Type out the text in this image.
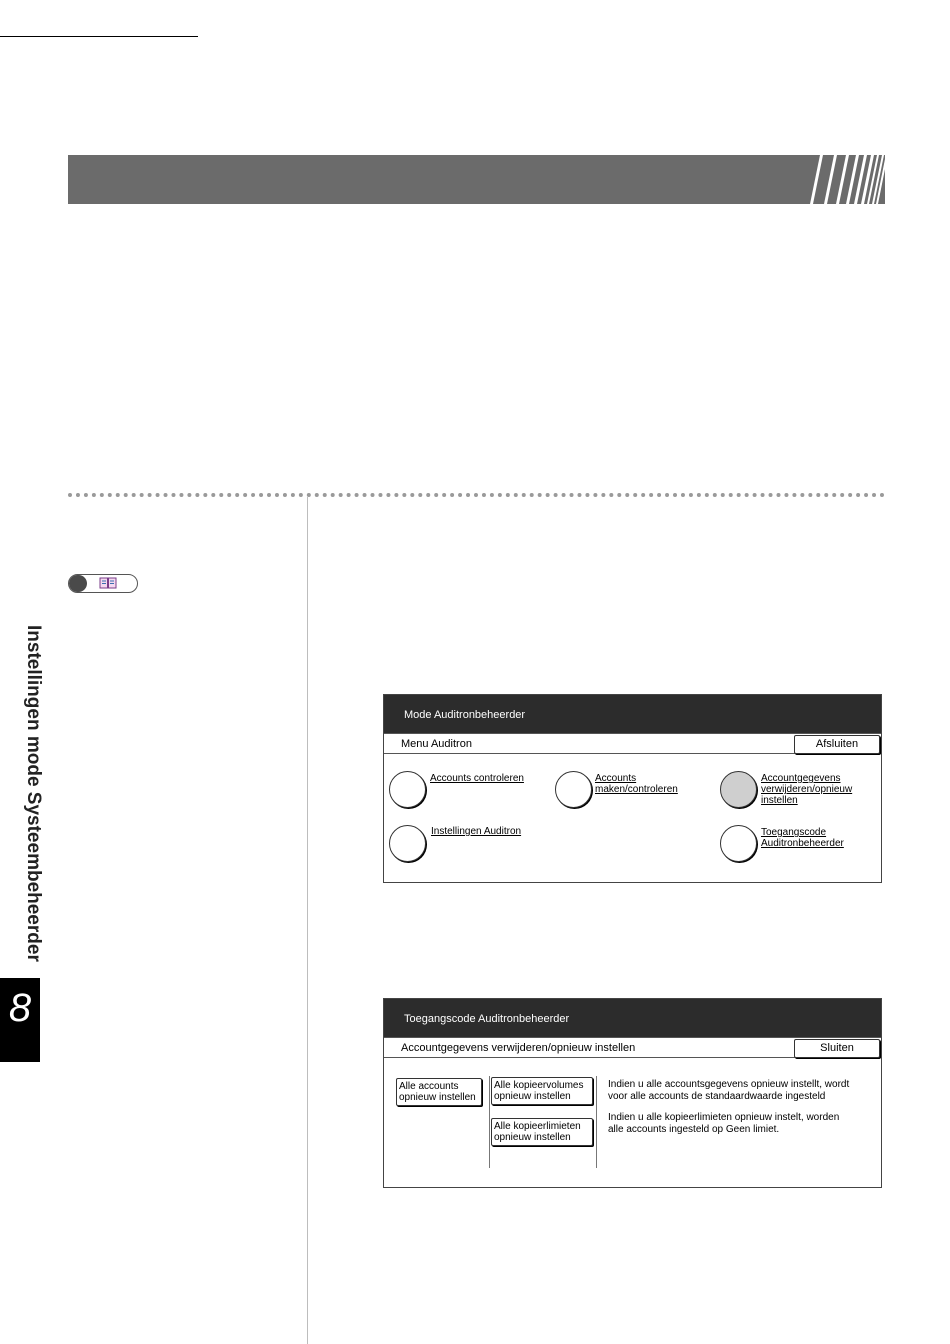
Instellingen mode Systeembeheerder
8
Mode Auditronbeheerder
Menu Auditron	Afsluiten
Accounts controleren	Accounts
maken/controleren
Accountgegevens
verwijderen/opnieuw
instellen
Instellingen Auditron	Toegangscode
Auditronbeheerder
Toegangscode Auditronbeheerder
Accountgegevens verwijderen/opnieuw instellen	Sluiten
Alle accounts
opnieuw instellen
Alle kopieervolumes
opnieuw instellen
Alle kopieerlimieten
opnieuw instellen
Indien u alle accountsgegevens opnieuw instellt, wordt
voor alle accounts de standaardwaarde ingesteld
Indien u alle kopieerlimieten opnieuw instelt, worden
alle accounts ingesteld op Geen limiet.
